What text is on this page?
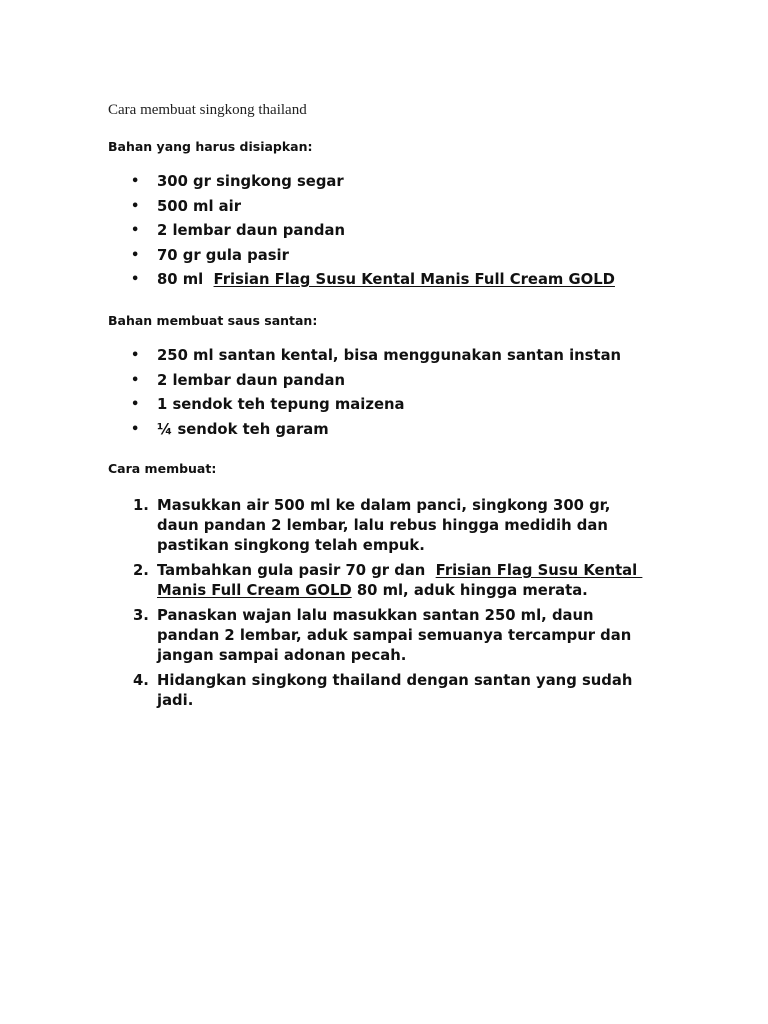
Cara membuat singkong thailand
Bahan yang harus disiapkan:
• 300 gr singkong segar
• 500 ml air
• 2 lembar daun pandan
• 70 gr gula pasir
• 80 ml  Frisian Flag Susu Kental Manis Full Cream GOLD
Bahan membuat saus santan:
• 250 ml santan kental, bisa menggunakan santan instan
• 2 lembar daun pandan
• 1 sendok teh tepung maizena
• ¼ sendok teh garam
Cara membuat:
1. Masukkan air 500 ml ke dalam panci, singkong 300 gr,
daun pandan 2 lembar, lalu rebus hingga medidih dan
pastikan singkong telah empuk.
2. Tambahkan gula pasir 70 gr dan  Frisian Flag Susu Kental
Manis Full Cream GOLD 80 ml, aduk hingga merata.
3. Panaskan wajan lalu masukkan santan 250 ml, daun
pandan 2 lembar, aduk sampai semuanya tercampur dan
jangan sampai adonan pecah.
4. Hidangkan singkong thailand dengan santan yang sudah
jadi.
